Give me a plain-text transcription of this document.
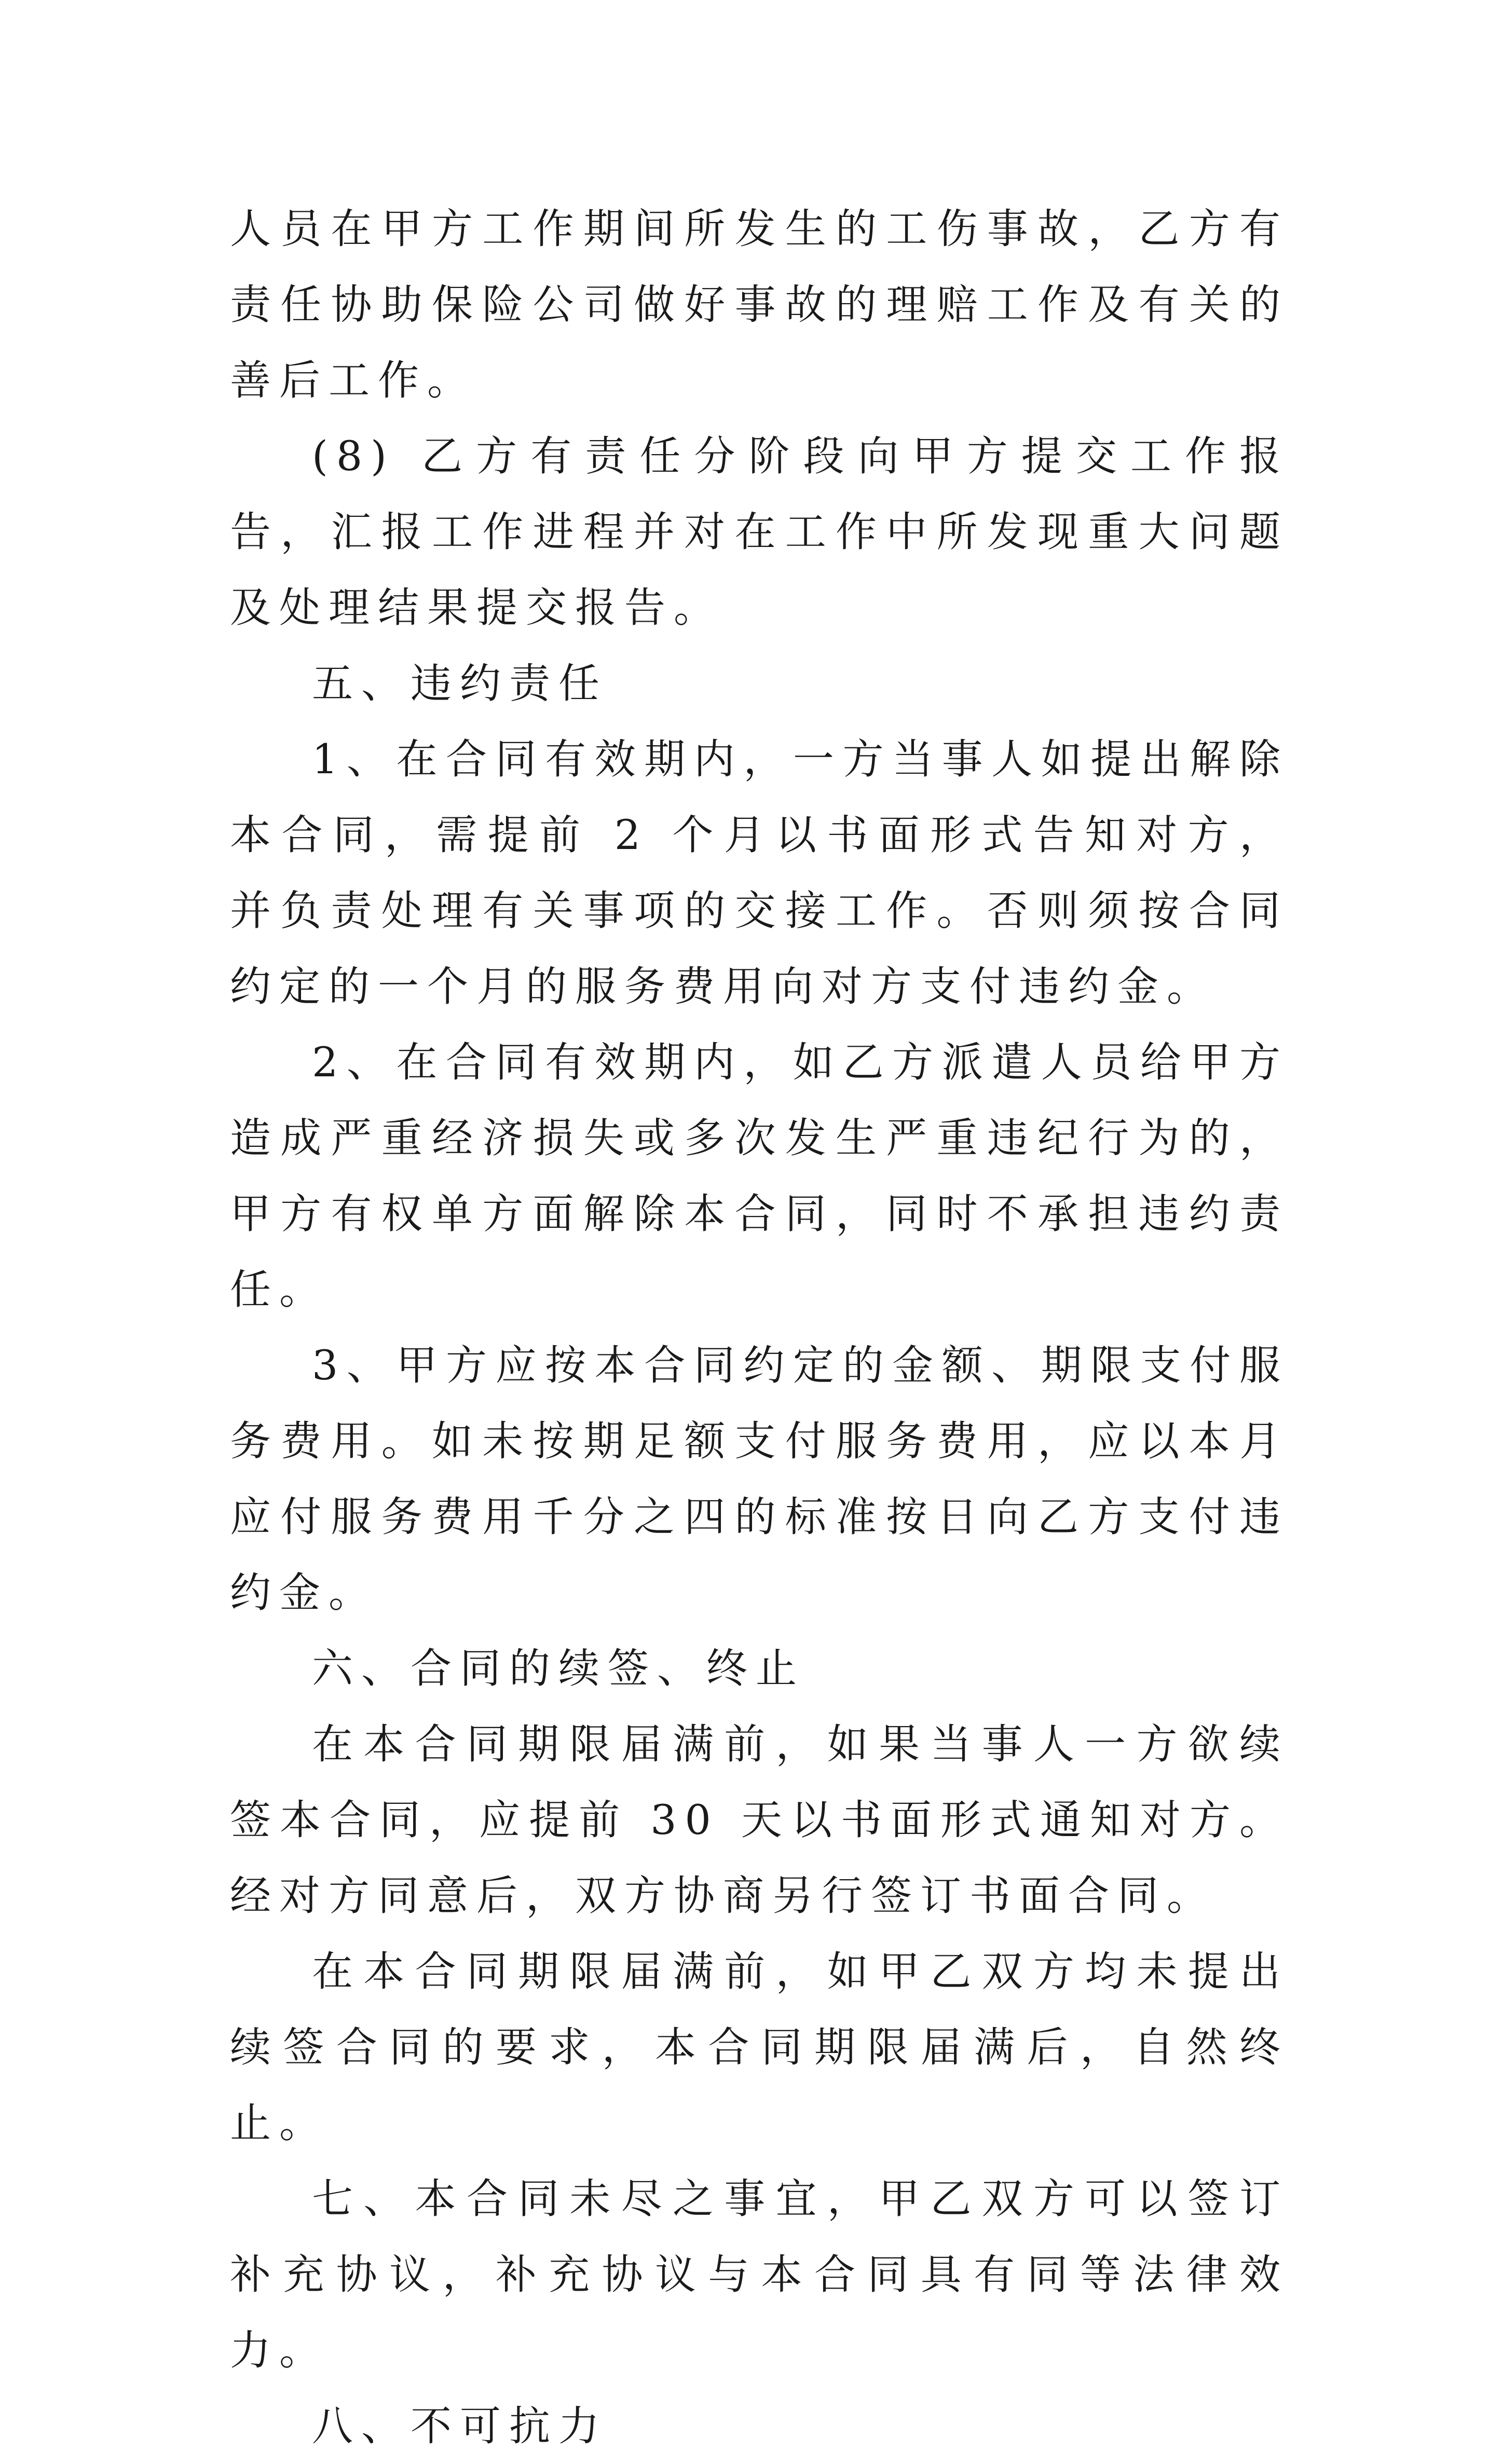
人员在甲方工作期间所发生的工伤事故，乙方有责任协助保险公司做好事故的理赔工作及有关的善后工作。

(8) 乙方有责任分阶段向甲方提交工作报告，汇报工作进程并对在工作中所发现重大问题及处理结果提交报告。

五、违约责任

1、在合同有效期内，一方当事人如提出解除本合同，需提前 2 个月以书面形式告知对方，并负责处理有关事项的交接工作。否则须按合同约定的一个月的服务费用向对方支付违约金。

2、在合同有效期内，如乙方派遣人员给甲方造成严重经济损失或多次发生严重违纪行为的，甲方有权单方面解除本合同，同时不承担违约责任。

3、甲方应按本合同约定的金额、期限支付服务费用。如未按期足额支付服务费用，应以本月应付服务费用千分之四的标准按日向乙方支付违约金。

六、合同的续签、终止

在本合同期限届满前，如果当事人一方欲续签本合同，应提前 30 天以书面形式通知对方。经对方同意后，双方协商另行签订书面合同。

在本合同期限届满前，如甲乙双方均未提出续签合同的要求，本合同期限届满后，自然终止。

七、本合同未尽之事宜，甲乙双方可以签订补充协议，补充协议与本合同具有同等法律效力。

八、不可抗力
